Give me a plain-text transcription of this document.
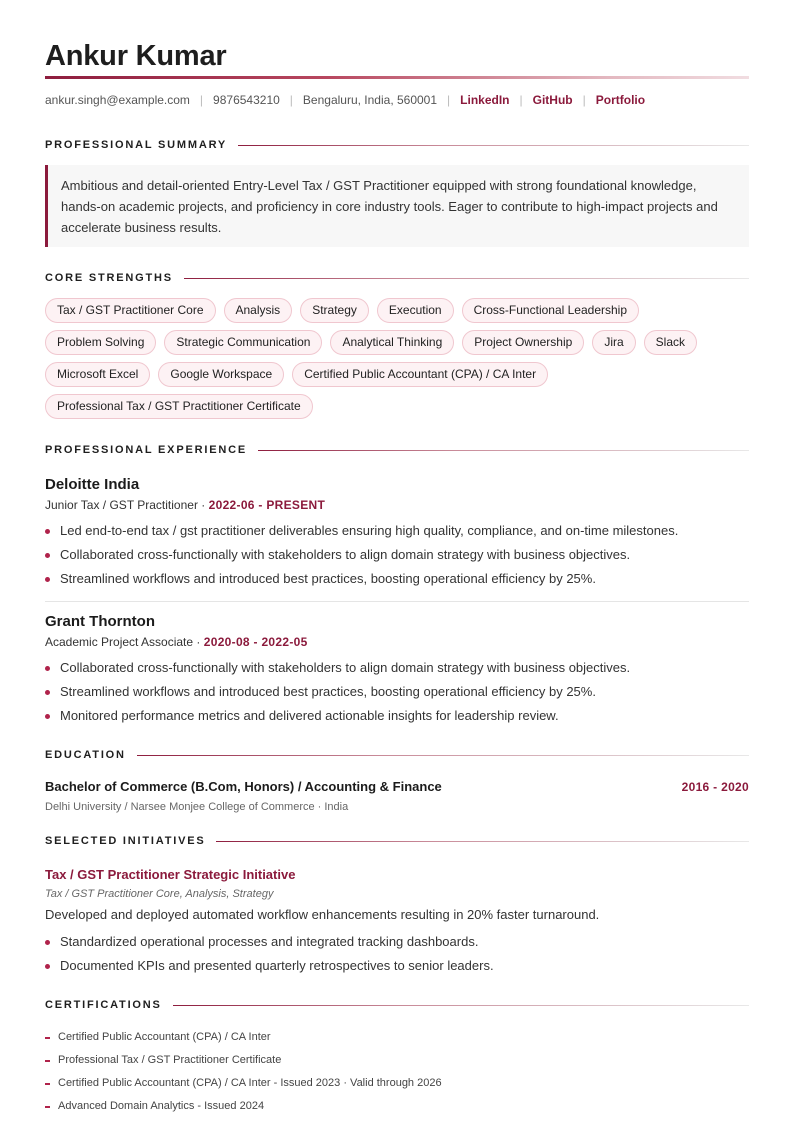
Ankur Kumar
ankur.singh@example.com | 9876543210 | Bengaluru, India, 560001 | LinkedIn | GitHub | Portfolio
PROFESSIONAL SUMMARY
Ambitious and detail-oriented Entry-Level Tax / GST Practitioner equipped with strong foundational knowledge, hands-on academic projects, and proficiency in core industry tools. Eager to contribute to high-impact projects and accelerate business results.
CORE STRENGTHS
Tax / GST Practitioner Core	Analysis	Strategy	Execution	Cross-Functional Leadership
Problem Solving	Strategic Communication	Analytical Thinking	Project Ownership	Jira	Slack
Microsoft Excel	Google Workspace	Certified Public Accountant (CPA) / CA Inter
Professional Tax / GST Practitioner Certificate
PROFESSIONAL EXPERIENCE
Deloitte India
Junior Tax / GST Practitioner · 2022-06 - PRESENT
Led end-to-end tax / gst practitioner deliverables ensuring high quality, compliance, and on-time milestones.
Collaborated cross-functionally with stakeholders to align domain strategy with business objectives.
Streamlined workflows and introduced best practices, boosting operational efficiency by 25%.
Grant Thornton
Academic Project Associate · 2020-08 - 2022-05
Collaborated cross-functionally with stakeholders to align domain strategy with business objectives.
Streamlined workflows and introduced best practices, boosting operational efficiency by 25%.
Monitored performance metrics and delivered actionable insights for leadership review.
EDUCATION
Bachelor of Commerce (B.Com, Honors) / Accounting & Finance	2016 - 2020
Delhi University / Narsee Monjee College of Commerce · India
SELECTED INITIATIVES
Tax / GST Practitioner Strategic Initiative
Tax / GST Practitioner Core, Analysis, Strategy
Developed and deployed automated workflow enhancements resulting in 20% faster turnaround.
Standardized operational processes and integrated tracking dashboards.
Documented KPIs and presented quarterly retrospectives to senior leaders.
CERTIFICATIONS
Certified Public Accountant (CPA) / CA Inter
Professional Tax / GST Practitioner Certificate
Certified Public Accountant (CPA) / CA Inter - Issued 2023 · Valid through 2026
Advanced Domain Analytics - Issued 2024
